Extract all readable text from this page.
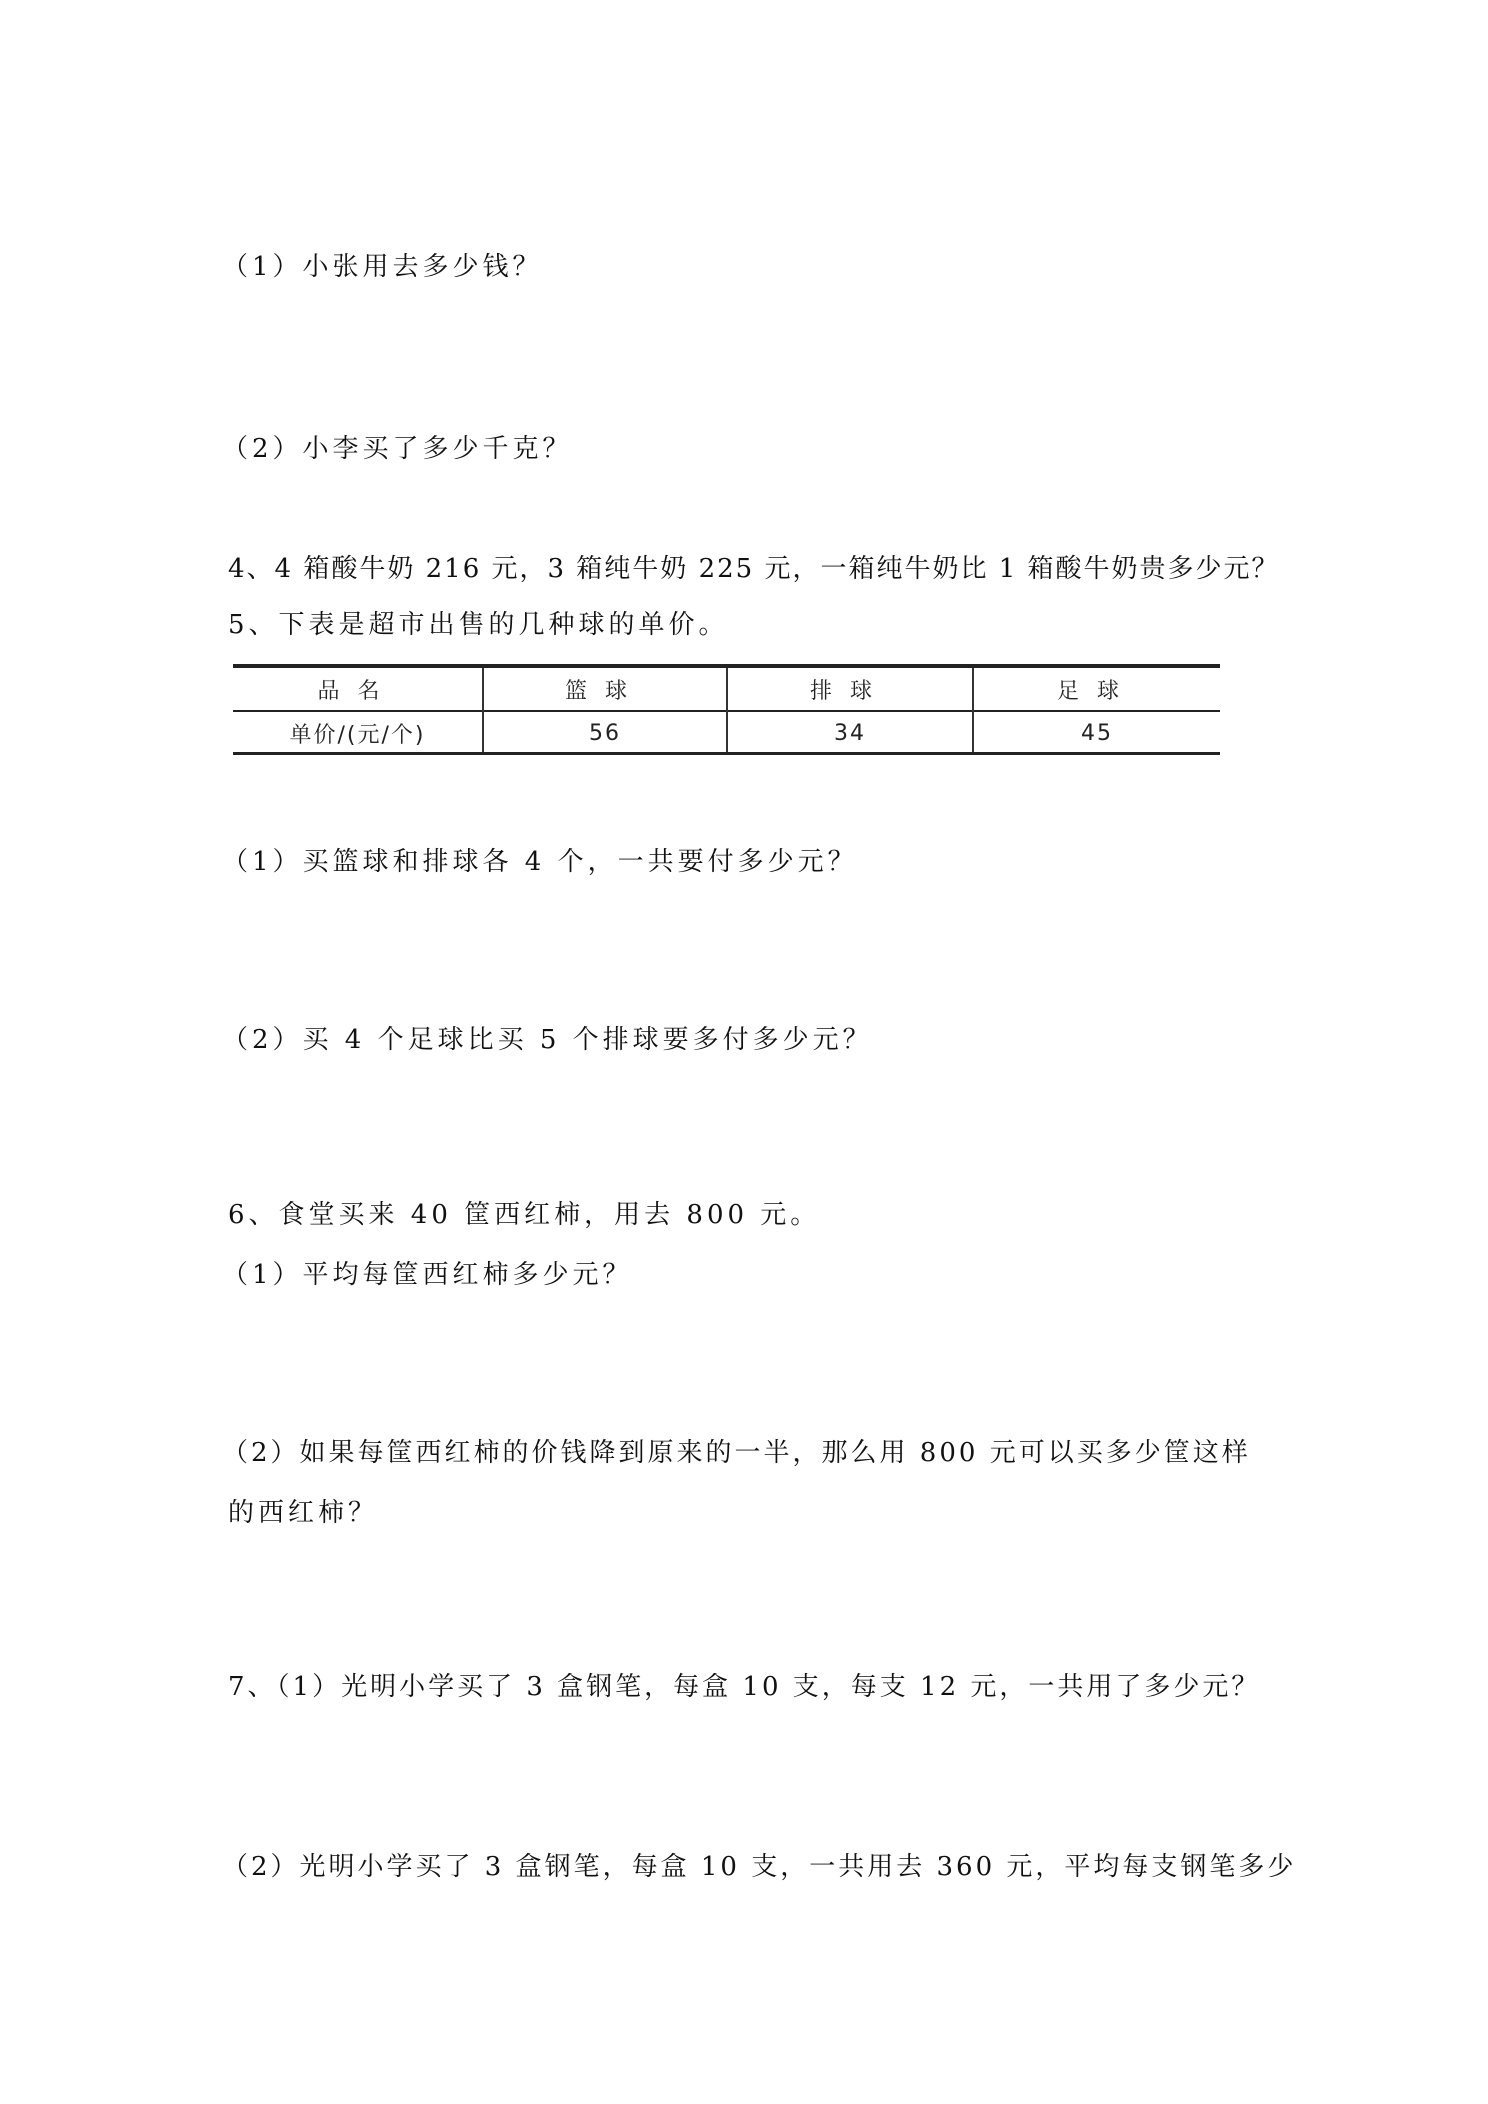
（1）小张用去多少钱？
（2）小李买了多少千克？
4、4 箱酸牛奶 216 元，3 箱纯牛奶 225 元，一箱纯牛奶比 1 箱酸牛奶贵多少元？
5、下表是超市出售的几种球的单价。
品名	篮球	排球	足球
单价/(元/个)	56	34	45
（1）买篮球和排球各 4 个，一共要付多少元？
（2）买 4 个足球比买 5 个排球要多付多少元？
6、食堂买来 40 筐西红柿，用去 800 元。
（1）平均每筐西红柿多少元？
（2）如果每筐西红柿的价钱降到原来的一半，那么用 800 元可以买多少筐这样
的西红柿？
7、（1）光明小学买了 3 盒钢笔，每盒 10 支，每支 12 元，一共用了多少元？
（2）光明小学买了 3 盒钢笔，每盒 10 支，一共用去 360 元，平均每支钢笔多少
